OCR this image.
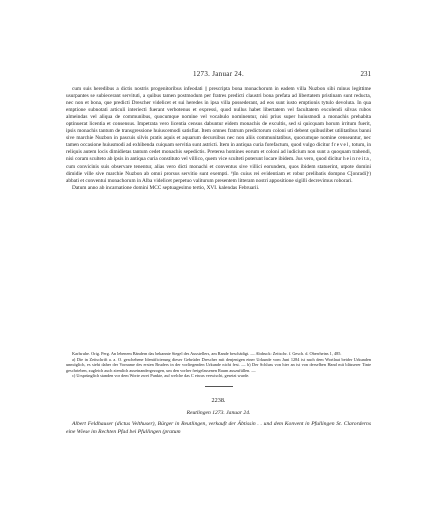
1273. Januar 24.	231

cum suis heredibus a dictis nostris progenitoribus infeodati || prescripta bona monachorum in eadem villa Nuzbon sibi minus legittime usurpantes se subiecerant servituti, a quibus tamen postmodum per fratres predicti claustri bona prefata ad libertatem pristinam sunt reducta, nec non et bona, que predicti Drescher videlicet et sui heredes in ipsa villa possederant, ad eos sunt iusto emptionis tytulo devoluta. In qua emptione subnotati articuli interiecti fuerant verbotenus et expressi, quod nullus habet libertatem vel facultatem excolendi silvas rubos almeindas vel aliqua de communibus, quocumque nomine vel vocabulo nominentur, nisi prius super huiusmodi a monachis prehabita optinuerat licentia et consensus. Impetrata vero licentia census dabuntur eidem monachis de excultis, sed si quicquam horum irritum fuerit, ipsis monachis tantum de transgressione huiuscemodi satisfiat. Item omnes fratrum predictorum coloni uti debent quibuslibet utilitatibus banni sive marchie Nuzbon in pascuis silvis pratis aquis et aquarum decursibus nec non aliis communitatibus, quocumque nomine censeantur, nec tamen occasione huiusmodi ad exhibenda cuiquam servitia sunt astricti. Item in antiqua curia forefactum, quod vulgo dicitur frevel, totum, in reliquis autem locis dimidietas tantum cedet monachis sepedictis. Preterea homines eorum et coloni ad iudicium non sunt a quoquam trahendi, nisi coram sculteto ab ipsis in antiqua curia constituto vel villico, quem vice sculteti poterunt locare ibidem. Jus vero, quod dicitur heinreita, cum convicinis suis observare tenentur, alias vero dicti monachi et conventus sive villici eorundem, quos ibidem statuerint, utpote domini dimidie ville sive marchie Nuzbon ab omni prorsus servitio sunt exempti. ᵇ)In cuius rei evidentiam et robur prelibatis dompno C[onradi]ᶜ) abbati et conventui monachorum in Alba videlicet perpetuo valiturum presentem litteram nostri appositione sigilli decrevimus roborari.

Datum anno ab incarnatione domini MCC septuagesimo tertio, XVI. kalendas Februarii.

Karlsruhe. Orig. Perg. An lebenem Bändern das bekannte Siegel des Ausstellers, am Rande beschädigt. — Abdruck: Zeitschr. f. Gesch. d. Oberrheins 1, 485.

a) Die in Zeitschrift a. a. O. geschehene Identificierung dieser Gebrüder Drescher mit denjenigen einer Urkunde vom Juni 1284 ist nach dem Wortlaut beider Urkunden unmöglich, es sieht daher der Vorname des ersten Bruders in der vorliegenden Urkunde nicht fest. — b) Der Schluss von hier an ist von derselben Hand mit blässerer Tinte geschrieben, zugleich auch ziemlich auseinandergezogen, um den vorher freigelassenen Raum auszufüllen. —

c) Ursprünglich standen vor dem Worte zwei Punkte, auf welche das C etwas verwischt, gesetzt wurde.

2238.
Reutlingen 1273. Januar 24.

Albert Feldhauser (dictus Velthuser), Bürger in Reutlingen, verkauft der Äbtissin . . und dem Konvent in Pfullingen St. Clarorderns eine Wiese im Rechten Pfad bei Pfullingen (pratum
